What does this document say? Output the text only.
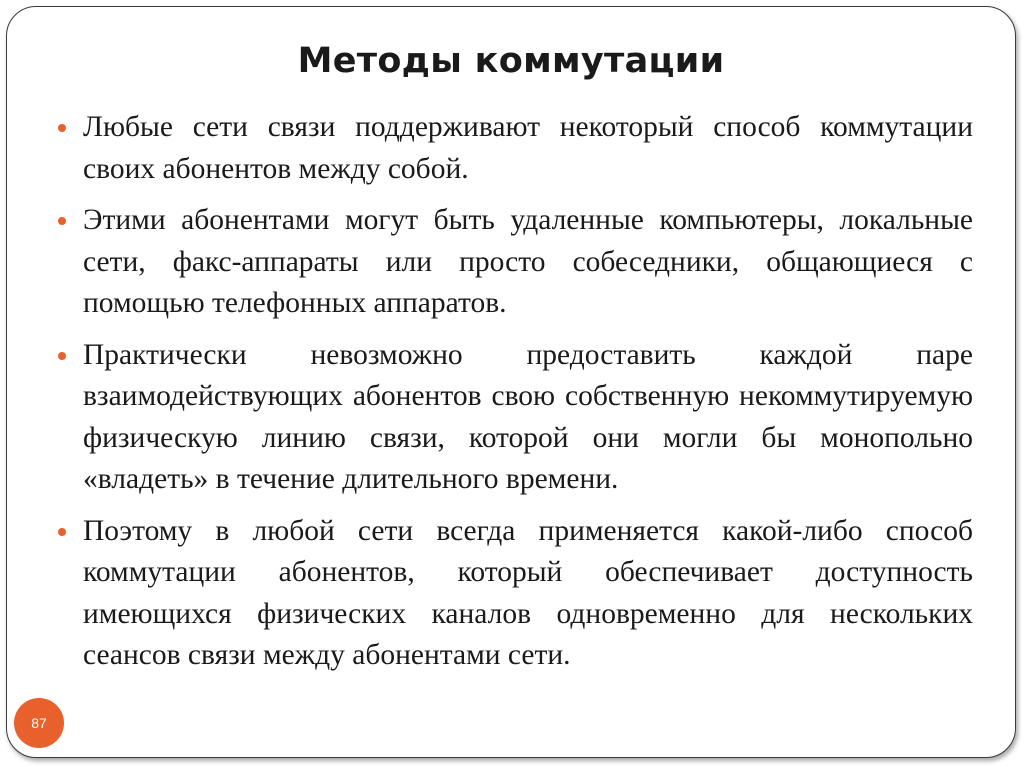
Методы коммутации
Любые сети связи поддерживают некоторый способ коммутации своих абонентов между собой.
Этими абонентами могут быть удаленные компьютеры, локальные сети, факс-аппараты или просто собеседники, общающиеся с помощью телефонных аппаратов.
Практически невозможно предоставить каждой паре взаимодействующих абонентов свою собственную некоммутируемую физическую линию связи, которой они могли бы монопольно «владеть» в течение длительного времени.
Поэтому в любой сети всегда применяется какой-либо способ коммутации абонентов, который обеспечивает доступность имеющихся физических каналов одновременно для нескольких сеансов связи между абонентами сети.
87
